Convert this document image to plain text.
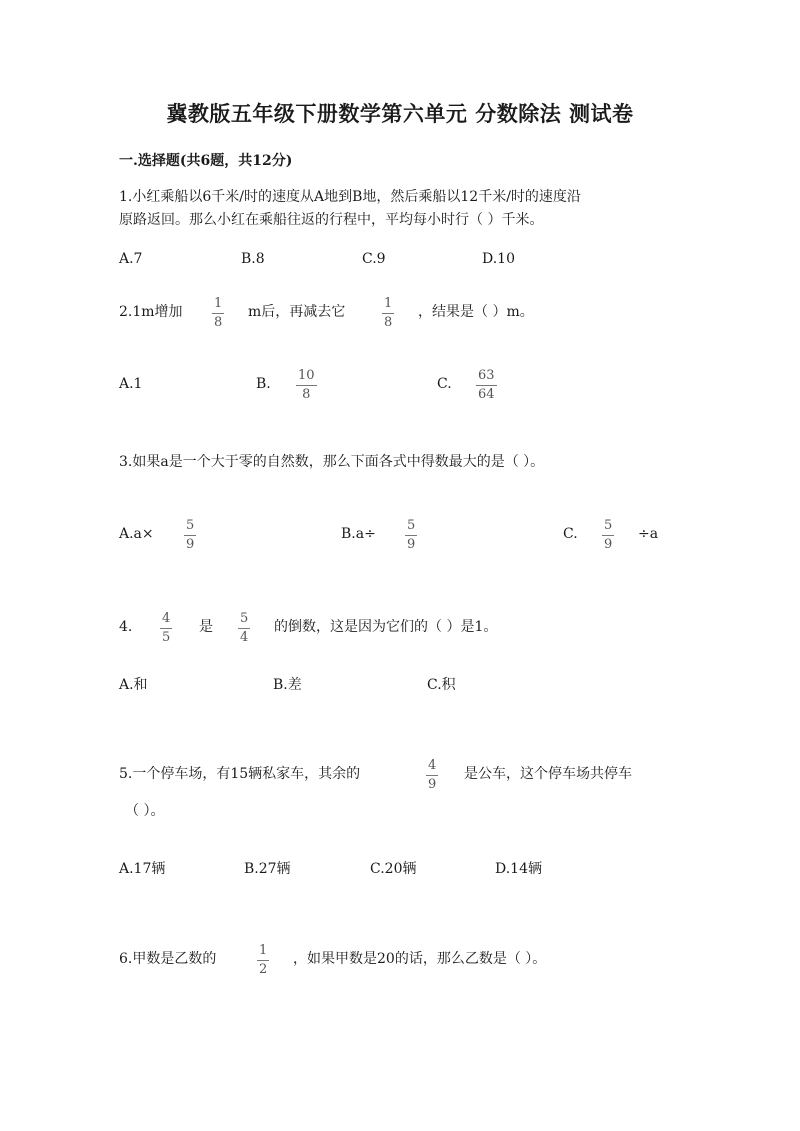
冀教版五年级下册数学第六单元 分数除法 测试卷
一.选择题(共6题，共12分)
1.小红乘船以6千米/时的速度从A地到B地，然后乘船以12千米/时的速度沿
原路返回。那么小红在乘船往返的行程中，平均每小时行（ ）千米。
A.7	B.8	C.9	D.10
2.1m增加
1
8
m后，再减去它
1
8
，结果是（ ）m。
A.1	B.
10
8
C.
63
64
3.如果a是一个大于零的自然数，那么下面各式中得数最大的是（ ）。
A.a×
5
9
B.a÷
5
9
C.
5
9
÷a
4.
4
5
是
5
4
的倒数，这是因为它们的（ ）是1。
A.和	B.差	C.积
5.一个停车场，有15辆私家车，其余的
4
9
是公车，这个停车场共停车
（ ）。
A.17辆	B.27辆	C.20辆	D.14辆
6.甲数是乙数的
1
2
，如果甲数是20的话，那么乙数是（ ）。
